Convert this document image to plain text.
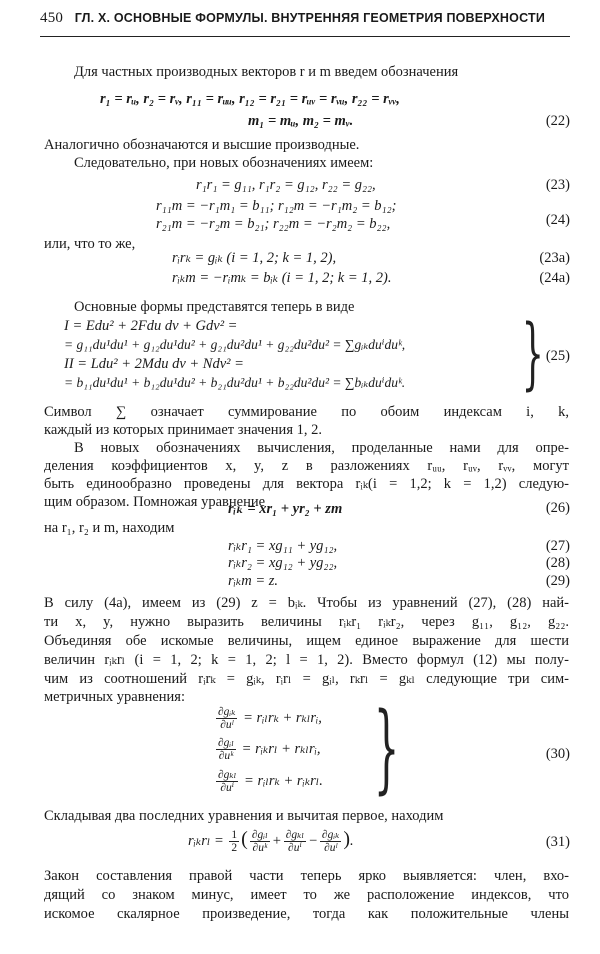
450 ГЛ. X. ОСНОВНЫЕ ФОРМУЛЫ. ВНУТРЕННЯЯ ГЕОМЕТРИЯ ПОВЕРХНОСТИ
Для частных производных векторов r и m введем обозначения
r₁ = rᵤ, r₂ = rᵥ, r₁₁ = rᵤᵤ, r₁₂ = r₂₁ = rᵤᵥ = rᵥᵤ, r₂₂ = rᵥᵥ,
m₁ = mᵤ, m₂ = mᵥ.	(22)
Аналогично обозначаются и высшие производные.
Следовательно, при новых обозначениях имеем:
r₁r₁ = g₁₁, r₁r₂ = g₁₂, r₂₂ = g₂₂,	(23)
r₁₁m = −r₁m₁ = b₁₁; r₁₂m = −r₁m₂ = b₁₂;
r₂₁m = −r₂m = b₂₁; r₂₂m = −r₂m₂ = b₂₂,	(24)
или, что то же,
rᵢrₖ = gᵢₖ (i = 1, 2; k = 1, 2),	(23a)
rᵢₖm = −rᵢmₖ = bᵢₖ (i = 1, 2; k = 1, 2).	(24a)
Основные формы представятся теперь в виде
I = Edu² + 2Fdu dv + Gdv² =
= g₁₁du¹du¹ + g₁₂du¹du² + g₂₁du²du¹ + g₂₂du²du² = ∑gᵢₖduⁱduᵏ,
II = Ldu² + 2Mdu dv + Ndv² =
= b₁₁du¹du¹ + b₁₂du¹du² + b₂₁du²du¹ + b₂₂du²du² = ∑bᵢₖduⁱduᵏ. } (25)
Символ ∑ означает суммирование по обоим индексам i, k,
каждый из которых принимает значения 1, 2.
В новых обозначениях вычисления, проделанные нами для опре-
деления коэффициентов x, y, z в разложениях rᵤᵤ, rᵤᵥ, rᵥᵥ, могут
быть единообразно проведены для вектора rᵢₖ(i = 1,2; k = 1,2) следую-
щим образом. Помножая уравнение
rᵢₖ = xr₁ + yr₂ + zm	(26)
на r₁, r₂ и m, находим
rᵢₖr₁ = xg₁₁ + yg₁₂,	(27)
rᵢₖr₂ = xg₁₂ + yg₂₂,	(28)
rᵢₖm = z.	(29)
В силу (4а), имеем из (29) z = bᵢₖ. Чтобы из уравнений (27), (28) най-
ти x, y, нужно выразить величины rᵢₖr₁ rᵢₖr₂, через g₁₁, g₁₂, g₂₂.
Объединяя обе искомые величины, ищем единое выражение для шести
величин rᵢₖrₗ (i = 1, 2; k = 1, 2; l = 1, 2). Вместо формул (12) мы полу-
чим из соотношений rᵢrₖ = gᵢₖ, rᵢrₗ = gᵢₗ, rₖrₗ = gₖₗ следующие три сим-
метричных уравнения:
$\frac{\text{∂gᵢₖ}}{\text{∂uˡ}}$ = rᵢₗrₖ + rₖₗrᵢ,
$\frac{\text{∂gᵢₗ}}{\text{∂uᵏ}}$ = rᵢₖrₗ + rₖₗrᵢ,
$\frac{\text{∂gₖₗ}}{\text{∂uⁱ}}$ = rᵢₗrₖ + rᵢₖrₗ. }	(30)
Складывая два последних уравнения и вычитая первое, находим
rᵢₖrₗ = $\frac{1}{2}$ ( $\frac{\text{∂gᵢₗ}}{\text{∂uᵏ}} + \frac{\text{∂gₖₗ}}{\text{∂uⁱ}} - \frac{\text{∂gᵢₖ}}{\text{∂uˡ}}$ ).	(31)
Закон составления правой части теперь ярко выявляется: член, вхо-
дящий со знаком минус, имеет то же расположение индексов, что
искомое скалярное произведение, тогда как положительные члены
